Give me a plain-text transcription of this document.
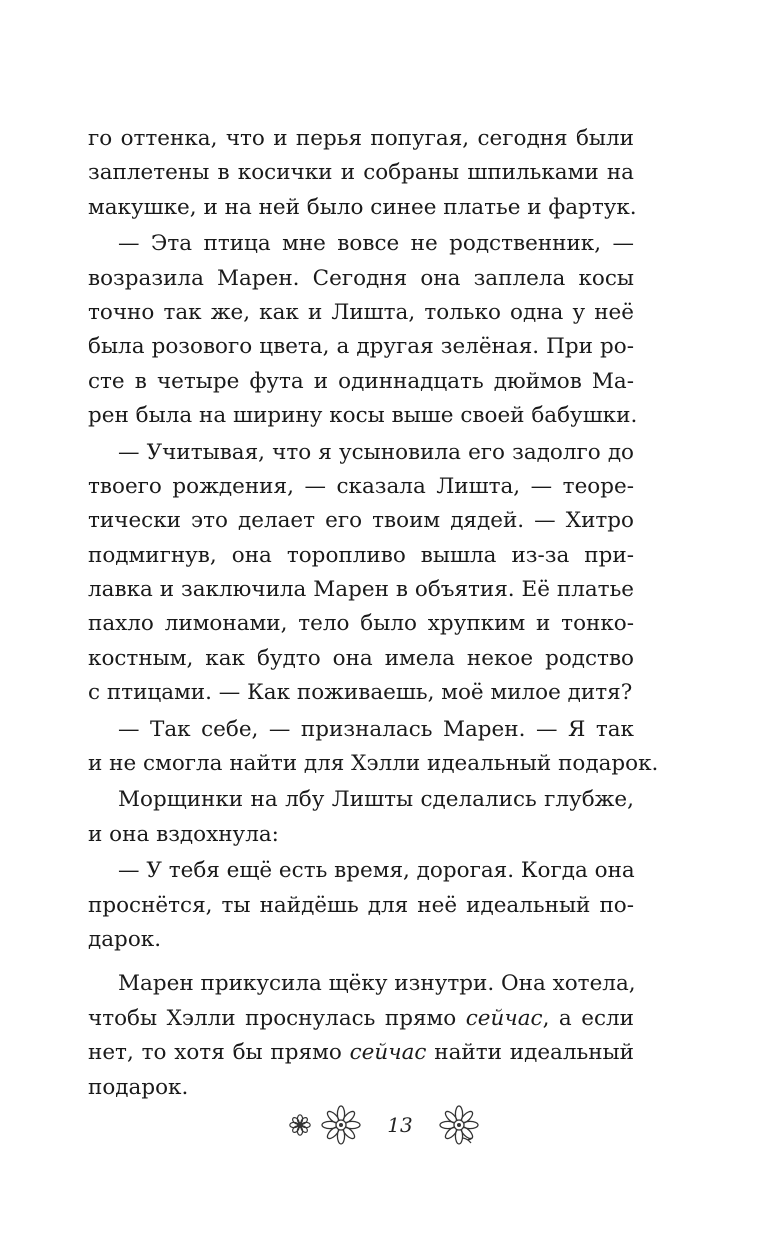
го оттенка, что и перья попугая, сегодня были
заплетены в косички и собраны шпильками на
макушке, и на ней было синее платье и фартук.
— Эта птица мне вовсе не родственник, —
возразила Марен. Сегодня она заплела косы
точно так же, как и Лишта, только одна у неё
была розового цвета, а другая зелёная. При ро-
сте в четыре фута и одиннадцать дюймов Ма-
рен была на ширину косы выше своей бабушки.
— Учитывая, что я усыновила его задолго до
твоего рождения, — сказала Лишта, — теоре-
тически это делает его твоим дядей. — Хитро
подмигнув, она торопливо вышла из-за при-
лавка и заключила Марен в объятия. Её платье
пахло лимонами, тело было хрупким и тонко-
костным, как будто она имела некое родство
с птицами. — Как поживаешь, моё милое дитя?
— Так себе, — призналась Марен. — Я так
и не смогла найти для Хэлли идеальный подарок.
Морщинки на лбу Лишты сделались глубже,
и она вздохнула:
— У тебя ещё есть время, дорогая. Когда она
проснётся, ты найдёшь для неё идеальный по-
дарок.
Марен прикусила щёку изнутри. Она хотела,
чтобы Хэлли проснулась прямо сейчас, а если
нет, то хотя бы прямо сейчас найти идеальный
подарок.
13
